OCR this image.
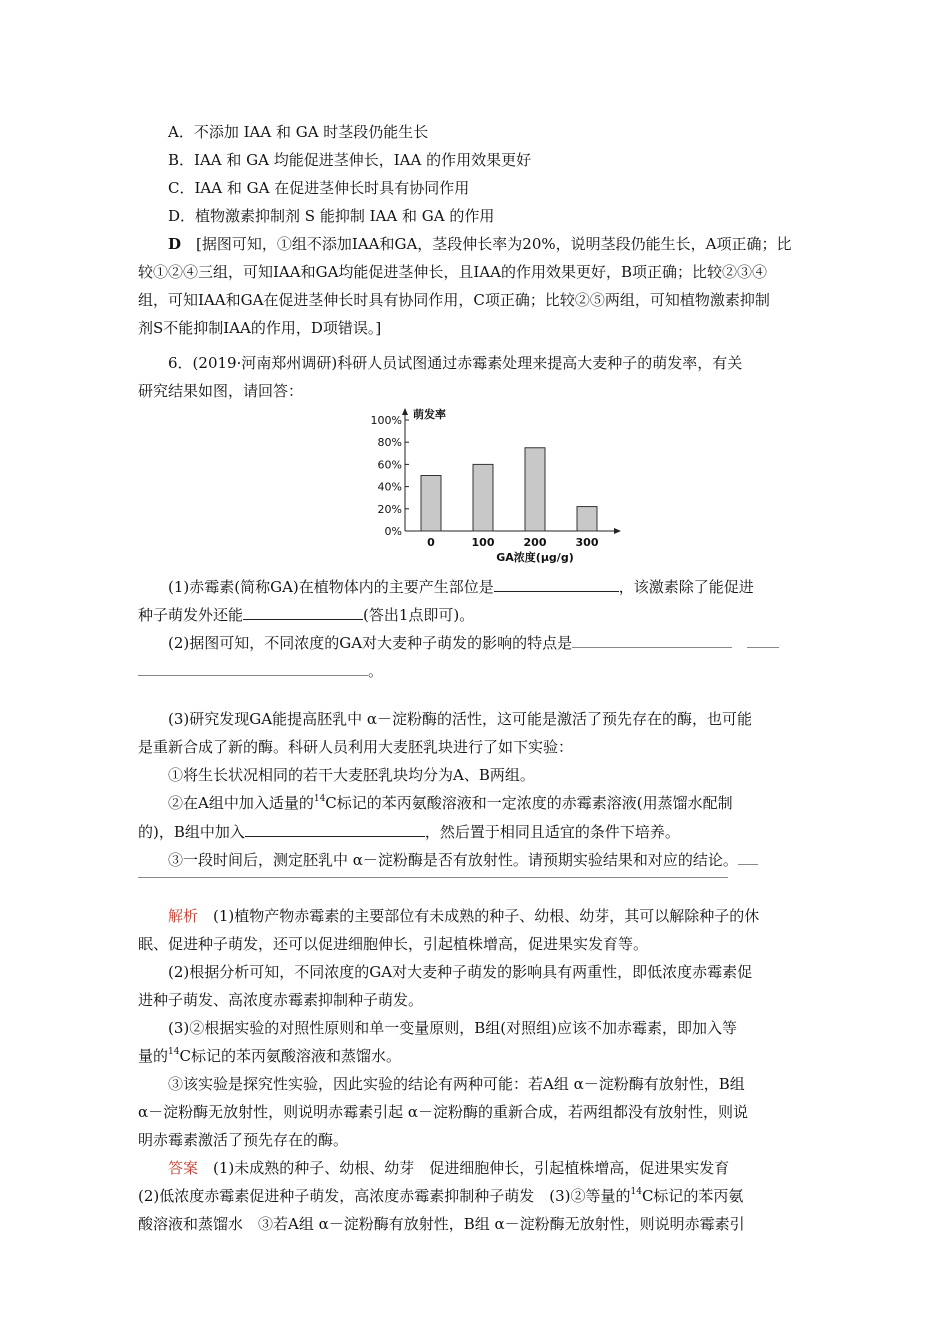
A．不添加 IAA 和 GA 时茎段仍能生长
B．IAA 和 GA 均能促进茎伸长，IAA 的作用效果更好
C．IAA 和 GA 在促进茎伸长时具有协同作用
D．植物激素抑制剂 S 能抑制 IAA 和 GA 的作用
D　 [据图可知，①组不添加IAA和GA，茎段伸长率为20%，说明茎段仍能生长，A项正确；比
较①②④三组，可知IAA和GA均能促进茎伸长，且IAA的作用效果更好，B项正确；比较②③④
组，可知IAA和GA在促进茎伸长时具有协同作用，C项正确；比较②⑤两组，可知植物激素抑制
剂S不能抑制IAA的作用，D项错误。]
6．(2019·河南郑州调研)科研人员试图通过赤霉素处理来提高大麦种子的萌发率，有关
研究结果如图，请回答：
0%
20%
40%
60%
80%
100% 萌发率
0	100	200	300
GA浓度(μg/g)
(1)赤霉素(简称GA)在植物体内的主要产生部位是	，该激素除了能促进
种子萌发外还能	(答出1点即可)。
(2)据图可知，不同浓度的GA对大麦种子萌发的影响的特点是　
。
(3)研究发现GA能提高胚乳中 α－淀粉酶的活性，这可能是激活了预先存在的酶，也可能
是重新合成了新的酶。科研人员利用大麦胚乳块进行了如下实验：
①将生长状况相同的若干大麦胚乳块均分为A、B两组。
②在A组中加入适量的$^{14}$C标记的苯丙氨酸溶液和一定浓度的赤霉素溶液(用蒸馏水配制
的)，B组中加入	，然后置于相同且适宜的条件下培养。
③一段时间后，测定胚乳中 α－淀粉酶是否有放射性。请预期实验结果和对应的结论。
解析　 (1)植物产物赤霉素的主要部位有未成熟的种子、幼根、幼芽，其可以解除种子的休
眠、促进种子萌发，还可以促进细胞伸长，引起植株增高，促进果实发育等。
(2)根据分析可知，不同浓度的GA对大麦种子萌发的影响具有两重性，即低浓度赤霉素促
进种子萌发、高浓度赤霉素抑制种子萌发。
(3)②根据实验的对照性原则和单一变量原则，B组(对照组)应该不加赤霉素，即加入等
量的$^{14}$C标记的苯丙氨酸溶液和蒸馏水。
③该实验是探究性实验，因此实验的结论有两种可能：若A组 α－淀粉酶有放射性，B组
α－淀粉酶无放射性，则说明赤霉素引起 α－淀粉酶的重新合成，若两组都没有放射性，则说
明赤霉素激活了预先存在的酶。
答案　 (1)未成熟的种子、幼根、幼芽　促进细胞伸长，引起植株增高，促进果实发育
(2)低浓度赤霉素促进种子萌发，高浓度赤霉素抑制种子萌发　(3)②等量的$^{14}$C标记的苯丙氨
酸溶液和蒸馏水　③若A组 α－淀粉酶有放射性，B组 α－淀粉酶无放射性，则说明赤霉素引
